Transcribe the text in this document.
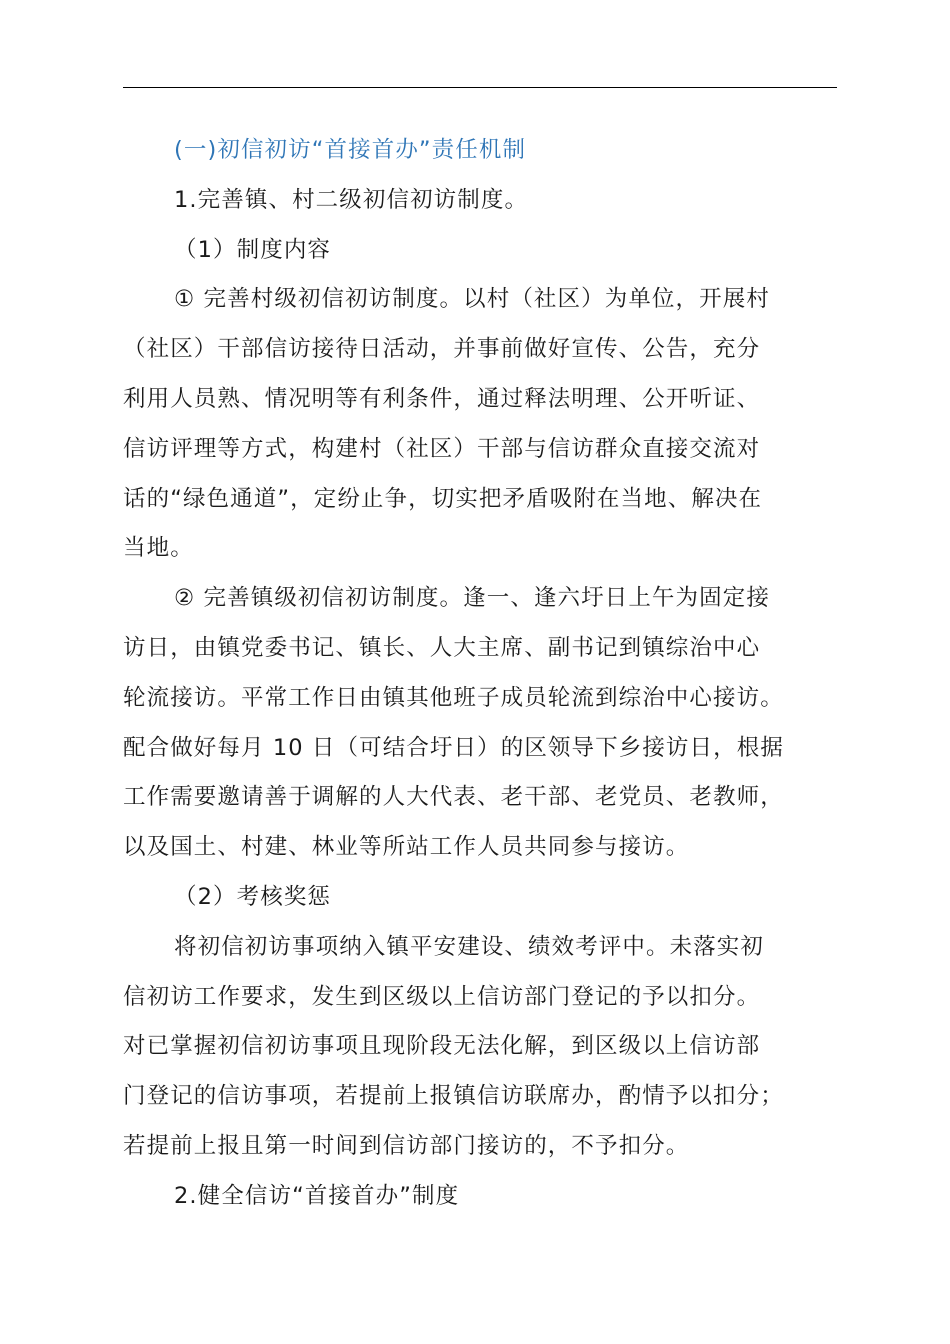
(一)初信初访“首接首办”责任机制

1.完善镇、村二级初信初访制度。

（1）制度内容

① 完善村级初信初访制度。以村（社区）为单位，开展村

（社区）干部信访接待日活动，并事前做好宣传、公告，充分

利用人员熟、情况明等有利条件，通过释法明理、公开听证、

信访评理等方式，构建村（社区）干部与信访群众直接交流对

话的“绿色通道”，定纷止争，切实把矛盾吸附在当地、解决在

当地。

② 完善镇级初信初访制度。逢一、逢六圩日上午为固定接

访日，由镇党委书记、镇长、人大主席、副书记到镇综治中心

轮流接访。平常工作日由镇其他班子成员轮流到综治中心接访。

配合做好每月 10 日（可结合圩日）的区领导下乡接访日，根据

工作需要邀请善于调解的人大代表、老干部、老党员、老教师，

以及国土、村建、林业等所站工作人员共同参与接访。

（2）考核奖惩

将初信初访事项纳入镇平安建设、绩效考评中。未落实初

信初访工作要求，发生到区级以上信访部门登记的予以扣分。

对已掌握初信初访事项且现阶段无法化解，到区级以上信访部

门登记的信访事项，若提前上报镇信访联席办，酌情予以扣分；

若提前上报且第一时间到信访部门接访的，不予扣分。

2.健全信访“首接首办”制度
